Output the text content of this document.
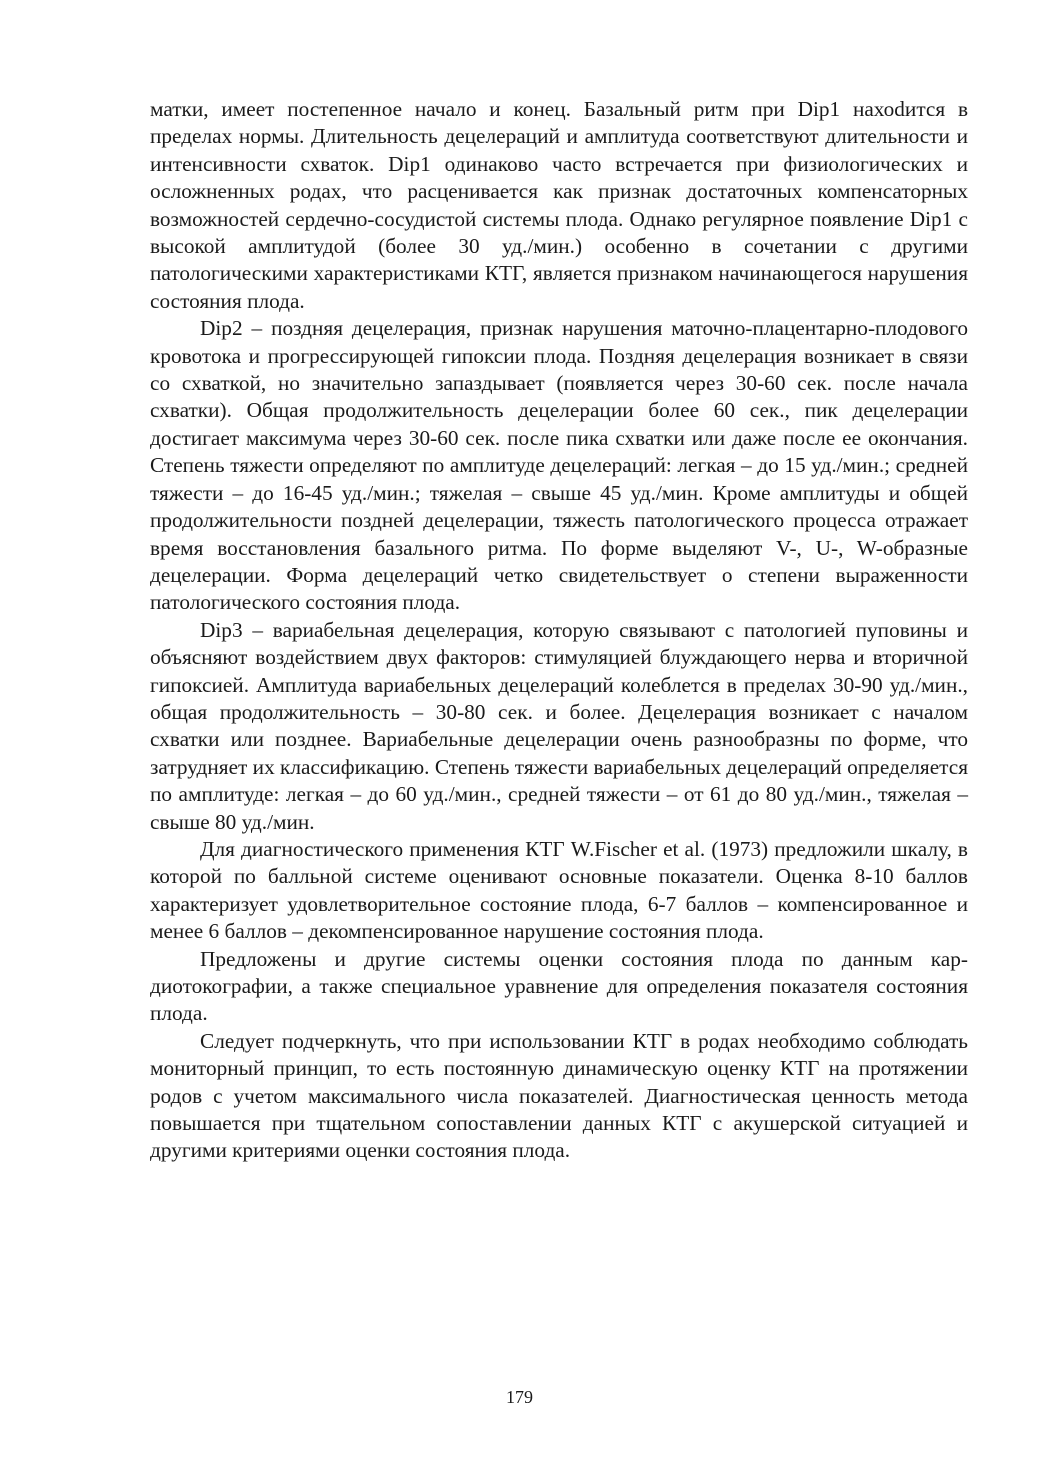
матки, имеет постепенное начало и конец. Базальный ритм при Dip1 нахоdится в пределах нормы. Длительность децелераций и амплитуда соответствуют длительности и интенсивности схваток. Dip1 одинаково часто встречается при физиологических и осложненных родах, что расценивается как признак достаточных компенсаторных возможностей сердечно-сосудистой системы плода. Однако регулярное появление Dip1 с высокой амплитудой (более 30 уд./мин.) особенно в сочетании с другими патологическими характеристиками КТГ, является признаком начинающегося нарушения состояния плода.

Dip2 – поздняя децелерация, признак нарушения маточно-плацентарно-плодового кровотока и прогрессирующей гипоксии плода. Поздняя децелерация возникает в связи со схваткой, но значительно запаздывает (появляется через 30-60 сек. после начала схватки). Общая продолжительность децелерации более 60 сек., пик децелерации достигает максимума через 30-60 сек. после пика схватки или даже после ее окончания. Степень тяжести определяют по амплитуде децелераций: легкая – до 15 уд./мин.; средней тяжести – до 16-45 уд./мин.; тяжелая – свыше 45 уд./мин. Кроме амплитуды и общей продолжительности поздней децелерации, тяжесть патологического процесса отражает время восстановления базального ритма. По форме выделяют V-, U-, W-образные децелерации. Форма децелераций четко свидетельствует о степени выраженности патологического состояния плода.

Dip3 – вариабельная децелерация, которую связывают с патологией пуповины и объясняют воздействием двух факторов: стимуляцией блуждающего нерва и вторичной гипоксией. Амплитуда вариабельных децелераций колеблется в пределах 30-90 уд./мин., общая продолжительность – 30-80 сек. и более. Децелерация возникает с началом схватки или позднее. Вариабельные децелерации очень разнообразны по форме, что затрудняет их классификацию. Степень тяжести вариабельных децелераций определяется по амплитуде: легкая – до 60 уд./мин., средней тяжести – от 61 до 80 уд./мин., тяжелая – свыше 80 уд./мин.

Для диагностического применения КТГ W.Fischer et al. (1973) предложили шкалу, в которой по балльной системе оценивают основные показатели. Оценка 8-10 баллов характеризует удовлетворительное состояние плода, 6-7 баллов – компенсированное и менее 6 баллов – декомпенсированное нарушение состояния плода.

Предложены и другие системы оценки состояния плода по данным кардиотокографии, а также специальное уравнение для определения показателя состояния плода.

Следует подчеркнуть, что при использовании КТГ в родах необходимо соблюдать мониторный принцип, то есть постоянную динамическую оценку КТГ на протяжении родов с учетом максимального числа показателей. Диагностическая ценность метода повышается при тщательном сопоставлении данных КТГ с акушерской ситуацией и другими критериями оценки состояния плода.

179
